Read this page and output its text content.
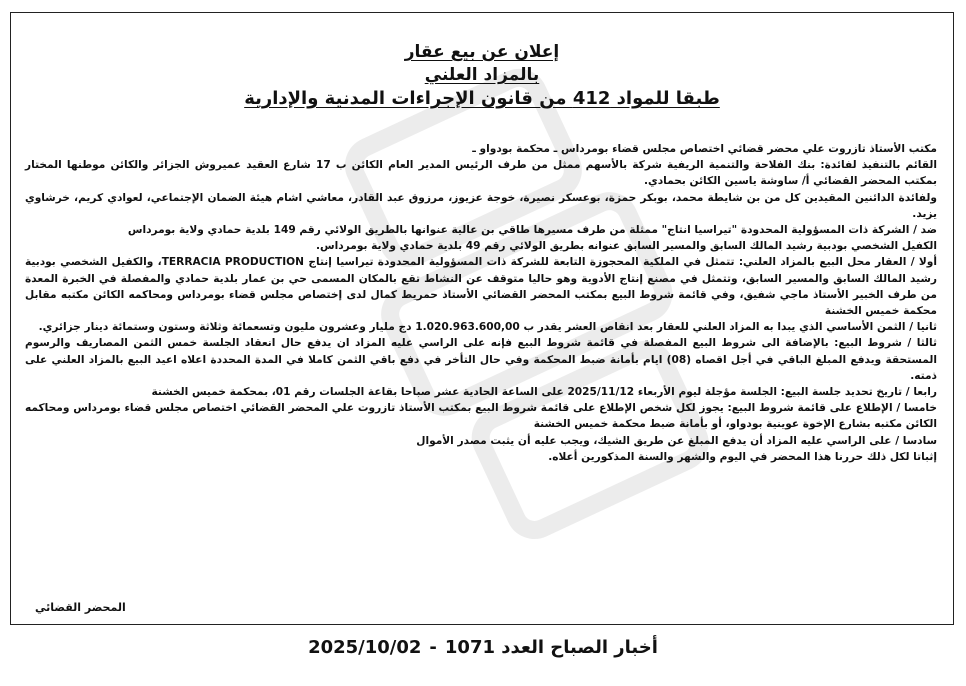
إعلان عن بيع عقار
بالمزاد العلني
طبقا للمواد 412 من قانون الإجراءات المدنية والإدارية

مكتب الأستاذ تازروت علي محضر قضائي اختصاص مجلس قضاء بومرداس ـ محكمة بودواو ـ

القائم بالتنفيذ لفائدة: بنك الفلاحة والتنمية الريفية شركة بالأسهم ممثل من طرف الرئيس المدير العام الكائن ب 17 شارع العقيد عميروش الجزائر والكائن موطنها المختار بمكتب المحضر القضائي أ/ ساوشة ياسين الكائن بحمادي.

ولفائدة الدائنين المقيدين كل من بن شايطة محمد، بوبكر حمزة، بوعسكر نصيرة، خوجة عزيوز، مرزوق عبد القادر، معاشي اشام هيئة الضمان الإجتماعي، لعوادي كريم، خرشاوي يزيد.

ضد / الشركة ذات المسؤولية المحدودة "تيراسيا انتاج" ممثلة من طرف مسيرها طاقي بن عالية عنوانها بالطريق الولائي رقم 149 بلدية حمادي ولاية بومرداس

الكفيل الشخصي بودبية رشيد المالك السابق والمسير السابق عنوانه بطريق الولائي رقم 49 بلدية حمادي ولاية بومرداس.

أولا / العقار محل البيع بالمزاد العلني: تتمثل في الملكية المحجوزة التابعة للشركة ذات المسؤولية المحدودة تيراسيا إنتاج TERRACIA PRODUCTION، والكفيل الشخصي بودبية رشيد المالك السابق والمسير السابق، وتتمثل في مصنع إنتاج الأدوية وهو حاليا متوقف عن النشاط تقع بالمكان المسمى حي بن عمار بلدية حمادي والمفصلة في الخبرة المعدة من طرف الخبير الأستاذ ماجي شفيق، وفي قائمة شروط البيع بمكتب المحضر القضائي الأستاذ حمريط كمال لدى إختصاص مجلس قضاء بومرداس ومحاكمه الكائن مكتبه مقابل محكمة خميس الخشنة

ثانيا / الثمن الأساسي الذي يبدا به المزاد العلني للعقار بعد انقاص العشر يقدر ب 1.020.963.600,00 دج مليار وعشرون مليون وتسعمائة وثلاثة وستون وستمائة دينار جزائري.

ثالثا / شروط البيع: بالإضافة الى شروط البيع المفصلة في قائمة شروط البيع فإنه على الراسي عليه المزاد ان يدفع حال انعقاد الجلسة خمس الثمن المصاريف والرسوم المستحقة ويدفع المبلغ الباقي في أجل اقصاه (08) ايام بأمانة ضبط المحكمة وفي حال التأخر في دفع باقي الثمن كاملا في المدة المحددة اعلاه اعيد البيع بالمزاد العلني على ذمته.

رابعا / تاريخ تحديد جلسة البيع: الجلسة مؤجلة ليوم الأربعاء 2025/11/12 على الساعة الحادية عشر صباحا بقاعة الجلسات رقم 01، بمحكمة خميس الخشنة

خامسا / الإطلاع على قائمة شروط البيع: يجوز لكل شخص الإطلاع على قائمة شروط البيع بمكتب الأستاذ تازروت علي المحضر القضائي اختصاص مجلس قضاء بومرداس ومحاكمه الكائن مكتبه بشارع الإخوة عوينية بودواو، أو بأمانة ضبط محكمة خميس الخشنة

سادسا / على الراسي عليه المزاد أن يدفع المبلغ عن طريق الشيك، ويجب عليه أن يثبت مصدر الأموال

إثباتا لكل ذلك حررنا هذا المحضر في اليوم والشهر والسنة المذكورين أعلاه.

المحضر القضائي
أخبار الصباح العدد 1071-2025/10/02
